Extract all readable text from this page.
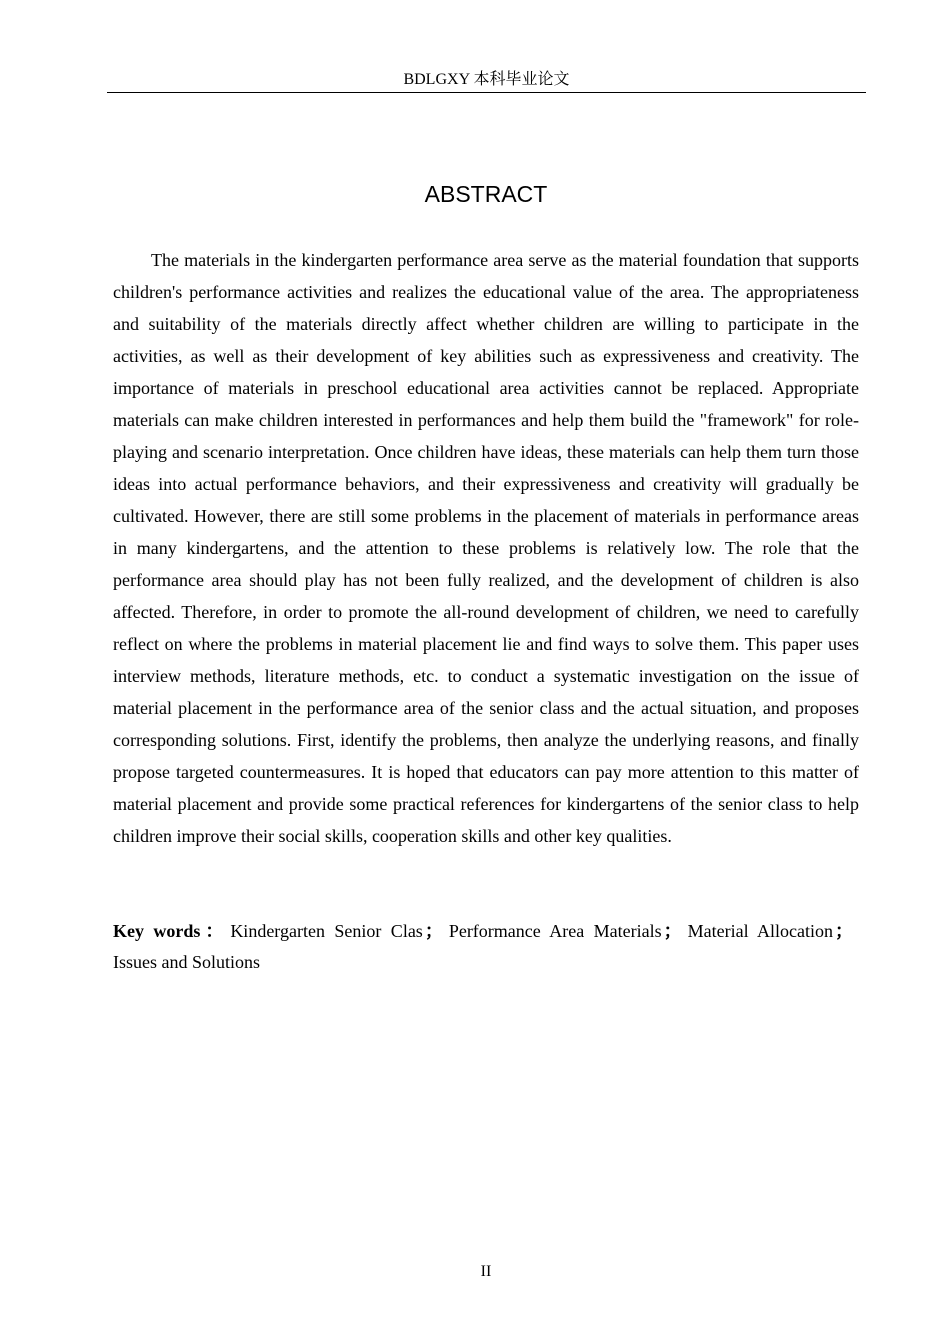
BDLGXY 本科毕业论文
ABSTRACT

The materials in the kindergarten performance area serve as the material foundation that supports children's performance activities and realizes the educational value of the area. The appropriateness and suitability of the materials directly affect whether children are willing to participate in the activities, as well as their development of key abilities such as expressiveness and creativity. The importance of materials in preschool educational area activities cannot be replaced. Appropriate materials can make children interested in performances and help them build the "framework" for role-playing and scenario interpretation. Once children have ideas, these materials can help them turn those ideas into actual performance behaviors, and their expressiveness and creativity will gradually be cultivated. However, there are still some problems in the placement of materials in performance areas in many kindergartens, and the attention to these problems is relatively low. The role that the performance area should play has not been fully realized, and the development of children is also affected. Therefore, in order to promote the all-round development of children, we need to carefully reflect on where the problems in material placement lie and find ways to solve them. This paper uses interview methods, literature methods, etc. to conduct a systematic investigation on the issue of material placement in the performance area of the senior class and the actual situation, and proposes corresponding solutions. First, identify the problems, then analyze the underlying reasons, and finally propose targeted countermeasures. It is hoped that educators can pay more attention to this matter of material placement and provide some practical references for kindergartens of the senior class to help children improve their social skills, cooperation skills and other key qualities.

Key words： Kindergarten Senior Clas ； Performance Area Materials ； Material Allocation ；Issues and Solutions

II
